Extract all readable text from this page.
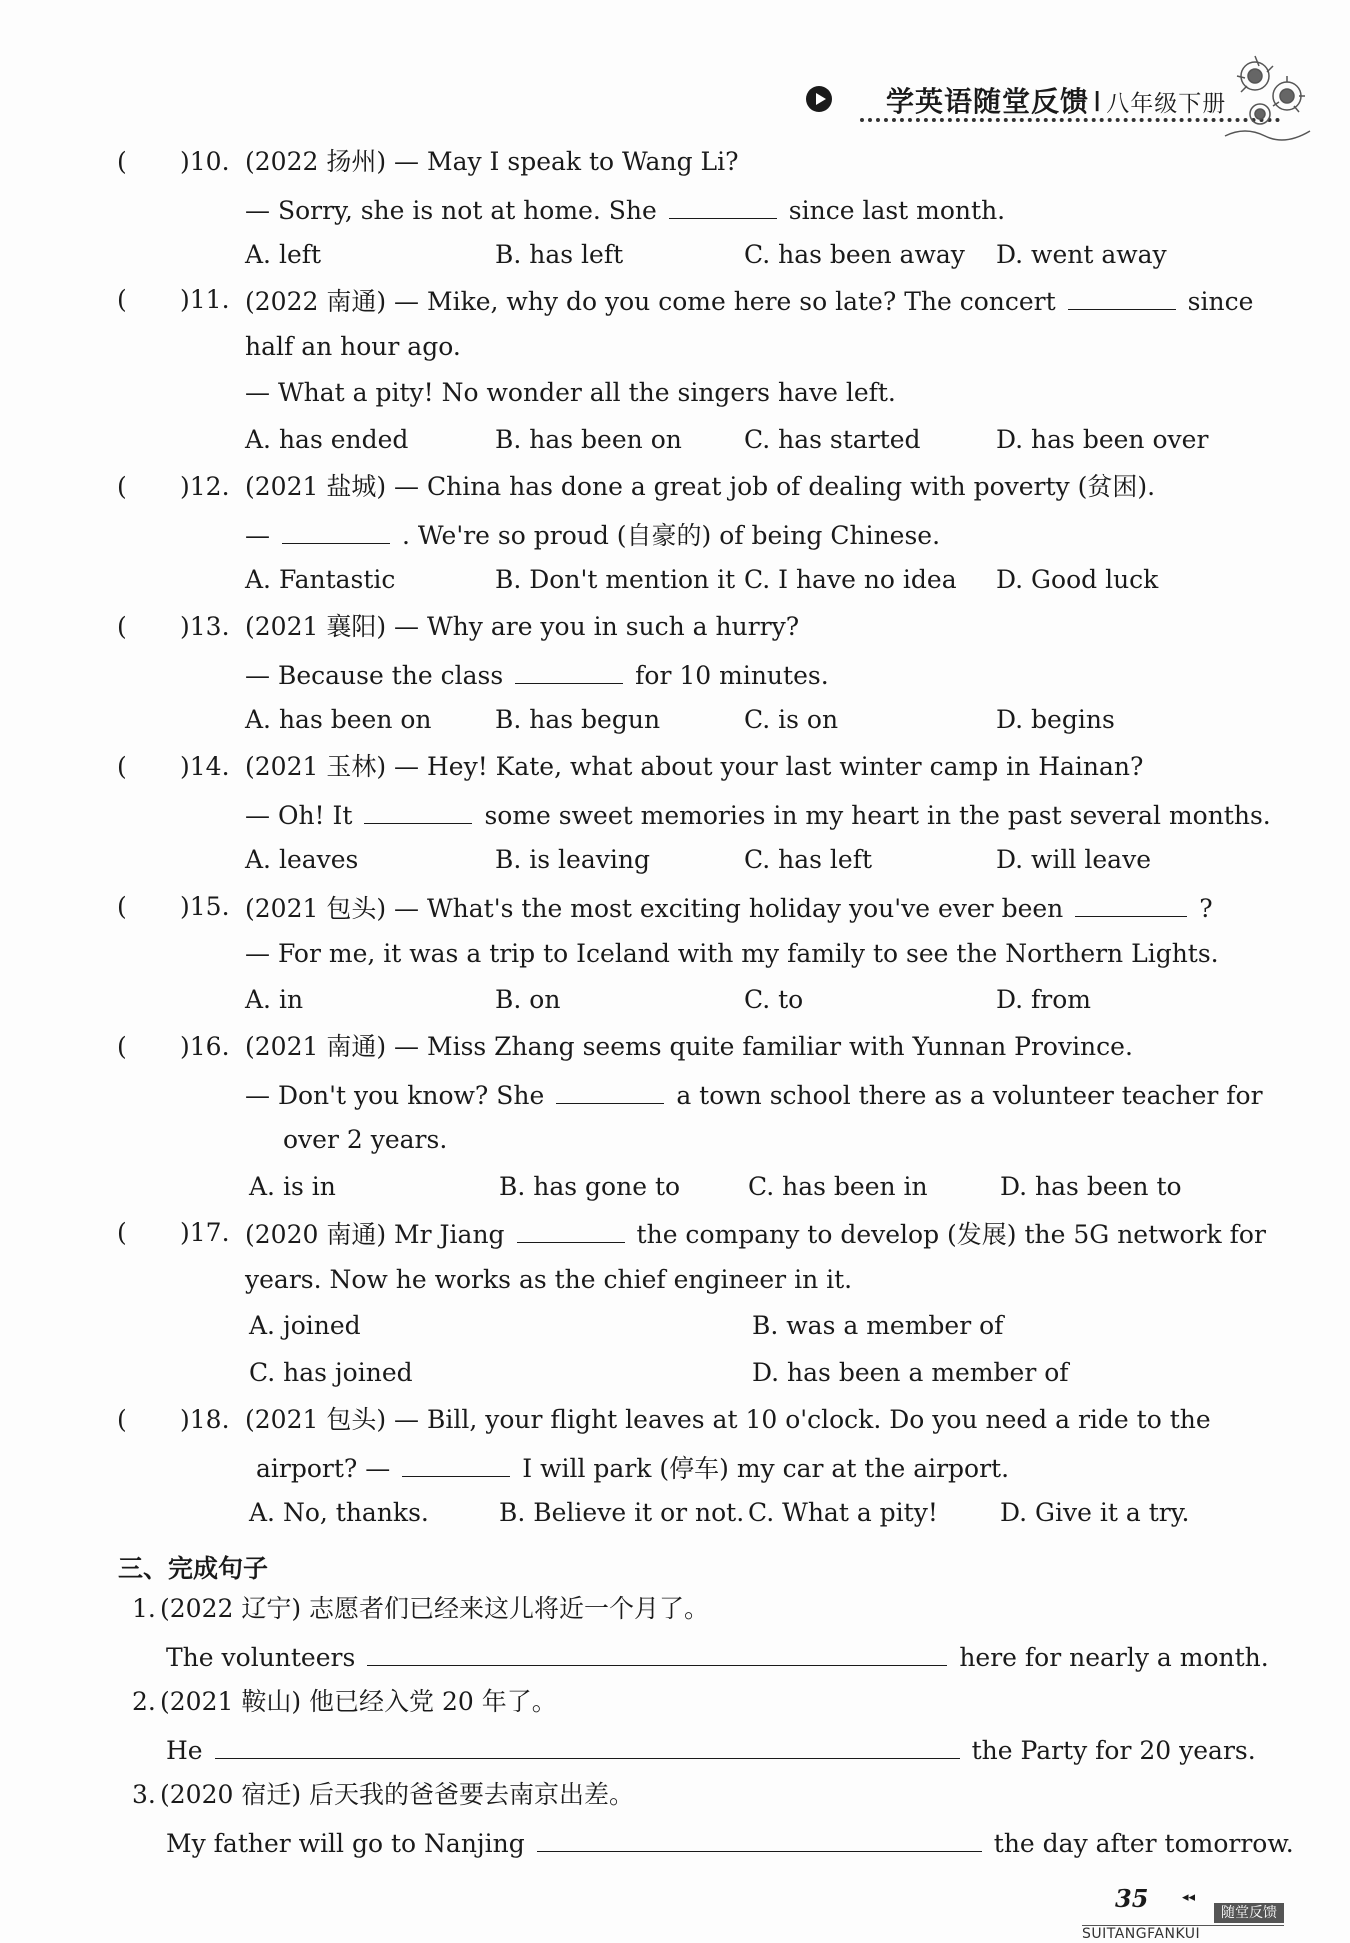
学英语随堂反馈 I 八年级下册
( )10. (2022 扬州) — May I speak to Wang Li?
— Sorry, she is not at home. She	since last month.
A. left	B. has left	C. has been away D. went away
( )11. (2022 南通) — Mike, why do you come here so late? The concert	since
half an hour ago.
— What a pity! No wonder all the singers have left.
A. has ended	B. has been on C. has started	D. has been over
( )12. (2021 盐城) — China has done a great job of dealing with poverty (贫困).
—	. We're so proud (自豪的) of being Chinese.
A. Fantastic	B. Don't mention it C. I have no idea D. Good luck
( )13. (2021 襄阳) — Why are you in such a hurry?
— Because the class	for 10 minutes.
A. has been on	B. has begun	C. is on	D. begins
( )14. (2021 玉林) — Hey! Kate, what about your last winter camp in Hainan?
— Oh! It	some sweet memories in my heart in the past several months.
A. leaves	B. is leaving	C. has left	D. will leave
( )15. (2021 包头) — What's the most exciting holiday you've ever been	?
— For me, it was a trip to Iceland with my family to see the Northern Lights.
A. in	B. on	C. to	D. from
( )16. (2021 南通) — Miss Zhang seems quite familiar with Yunnan Province.
— Don't you know? She	a town school there as a volunteer teacher for
over 2 years.
A. is in	B. has gone to	C. has been in	D. has been to
( )17. (2020 南通) Mr Jiang	the company to develop (发展) the 5G network for
years. Now he works as the chief engineer in it.
A. joined	B. was a member of
C. has joined	D. has been a member of
( )18. (2021 包头) — Bill, your flight leaves at 10 o'clock. Do you need a ride to the
airport? —	I will park (停车) my car at the airport.
A. No, thanks.	B. Believe it or not. C. What a pity! D. Give it a try.
三、完成句子
1. (2022 辽宁) 志愿者们已经来这儿将近一个月了。
The volunteers	here for nearly a month.
2. (2021 鞍山) 他已经入党 20 年了。
He	the Party for 20 years.
3. (2020 宿迁) 后天我的爸爸要去南京出差。
My father will go to Nanjing	the day after tomorrow.
35	◂◂
随堂反馈
SUITANGFANKUI
